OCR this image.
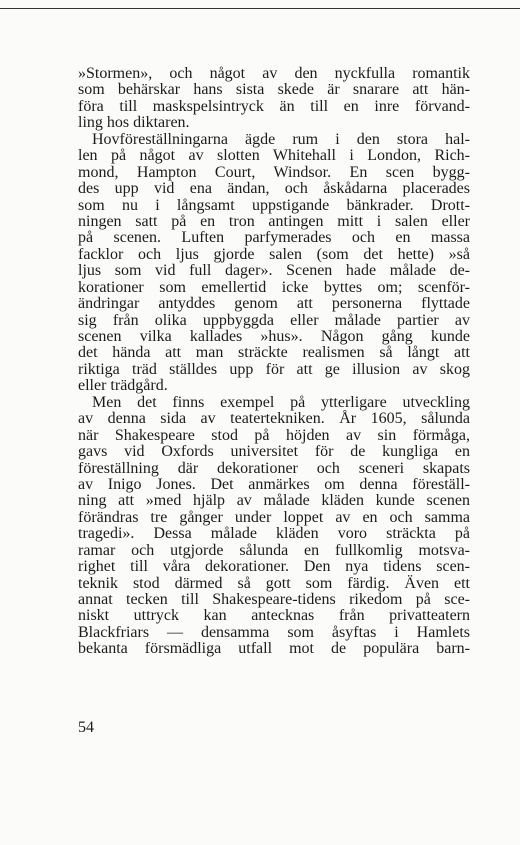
»Stormen», och något av den nyckfulla romantik
som behärskar hans sista skede är snarare att hän-
föra till maskspelsintryck än till en inre förvand-
ling hos diktaren.
Hovföreställningarna ägde rum i den stora hal-
len på något av slotten Whitehall i London, Rich-
mond, Hampton Court, Windsor. En scen bygg-
des upp vid ena ändan, och åskådarna placerades
som nu i långsamt uppstigande bänkrader. Drott-
ningen satt på en tron antingen mitt i salen eller
på scenen. Luften parfymerades och en massa
facklor och ljus gjorde salen (som det hette) »så
ljus som vid full dager». Scenen hade målade de-
korationer som emellertid icke byttes om; scenför-
ändringar antyddes genom att personerna flyttade
sig från olika uppbyggda eller målade partier av
scenen vilka kallades »hus». Någon gång kunde
det hända att man sträckte realismen så långt att
riktiga träd ställdes upp för att ge illusion av skog
eller trädgård.
Men det finns exempel på ytterligare utveckling
av denna sida av teatertekniken. År 1605, sålunda
när Shakespeare stod på höjden av sin förmåga,
gavs vid Oxfords universitet för de kungliga en
föreställning där dekorationer och sceneri skapats
av Inigo Jones. Det anmärkes om denna föreställ-
ning att »med hjälp av målade kläden kunde scenen
förändras tre gånger under loppet av en och samma
tragedi». Dessa målade kläden voro sträckta på
ramar och utgjorde sålunda en fullkomlig motsva-
righet till våra dekorationer. Den nya tidens scen-
teknik stod därmed så gott som färdig. Även ett
annat tecken till Shakespeare-tidens rikedom på sce-
niskt uttryck kan antecknas från privatteatern
Blackfriars — densamma som åsyftas i Hamlets
bekanta försmädliga utfall mot de populära barn-
54
